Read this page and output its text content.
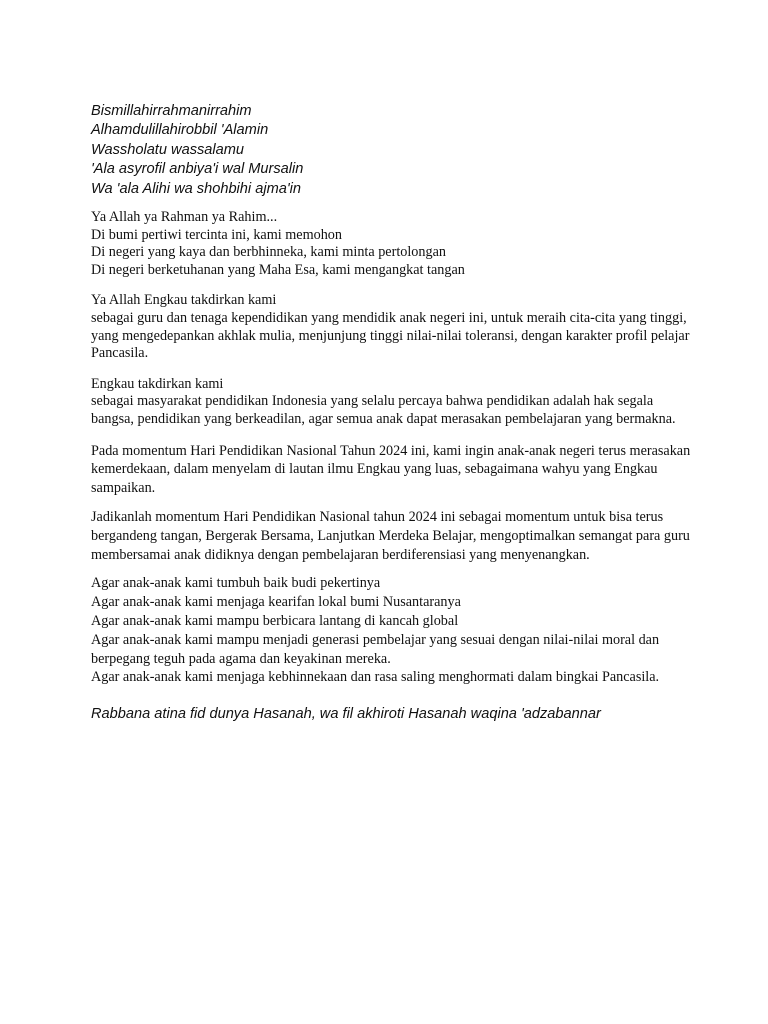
Bismillahirrahmanirrahim
Alhamdulillahirobbil 'Alamin
Wassholatu wassalamu
'Ala asyrofil anbiya'i wal Mursalin
Wa 'ala Alihi wa shohbihi ajma'in
Ya Allah ya Rahman ya Rahim...
Di bumi pertiwi tercinta ini, kami memohon
Di negeri yang kaya dan berbhinneka, kami minta pertolongan
Di negeri berketuhanan yang Maha Esa, kami mengangkat tangan
Ya Allah Engkau takdirkan kami
sebagai guru dan tenaga kependidikan yang mendidik anak negeri ini, untuk meraih cita-cita yang tinggi, yang mengedepankan akhlak mulia, menjunjung tinggi nilai-nilai toleransi, dengan karakter profil pelajar Pancasila.
Engkau takdirkan kami
sebagai masyarakat pendidikan Indonesia yang selalu percaya bahwa pendidikan adalah hak segala bangsa, pendidikan yang berkeadilan, agar semua anak dapat merasakan pembelajaran yang bermakna.
Pada momentum Hari Pendidikan Nasional Tahun 2024 ini, kami ingin anak-anak negeri terus merasakan kemerdekaan, dalam menyelam di lautan ilmu Engkau yang luas, sebagaimana wahyu yang Engkau sampaikan.
Jadikanlah momentum Hari Pendidikan Nasional tahun 2024 ini sebagai momentum untuk bisa terus bergandeng tangan, Bergerak Bersama, Lanjutkan Merdeka Belajar, mengoptimalkan semangat para guru membersamai anak didiknya dengan pembelajaran berdiferensiasi yang menyenangkan.
Agar anak-anak kami tumbuh baik budi pekertinya
Agar anak-anak kami menjaga kearifan lokal bumi Nusantaranya
Agar anak-anak kami mampu berbicara lantang di kancah global
Agar anak-anak kami mampu menjadi generasi pembelajar yang sesuai dengan nilai-nilai moral dan berpegang teguh pada agama dan keyakinan mereka.
Agar anak-anak kami menjaga kebhinnekaan dan rasa saling menghormati dalam bingkai Pancasila.
Rabbana atina fid dunya Hasanah, wa fil akhiroti Hasanah waqina 'adzabannar
